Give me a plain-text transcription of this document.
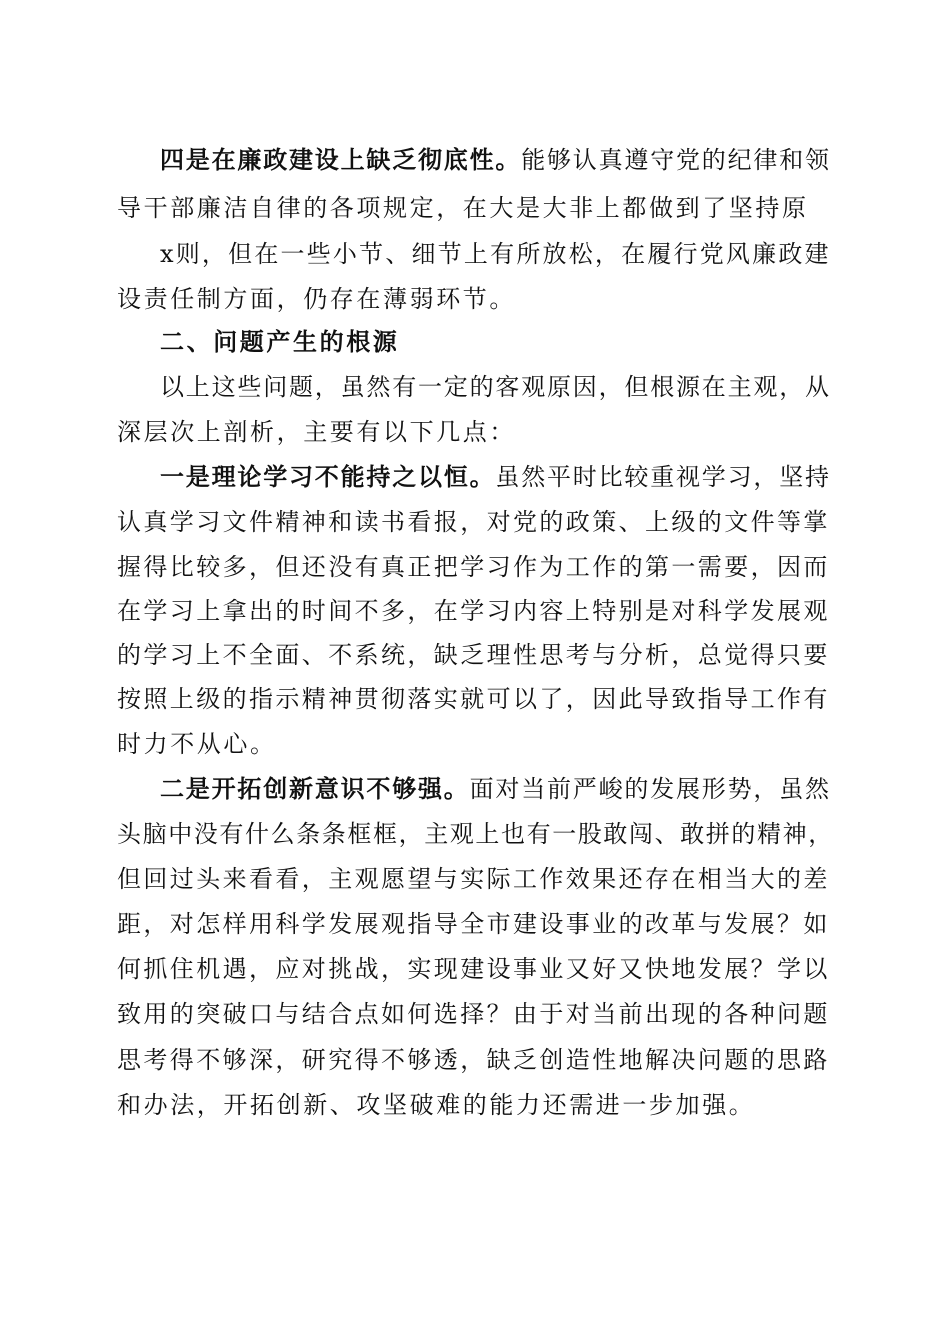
四是在廉政建设上缺乏彻底性。能够认真遵守党的纪律和领
导干部廉洁自律的各项规定，在大是大非上都做到了坚持原
x则，但在一些小节、细节上有所放松，在履行党风廉政建
设责任制方面，仍存在薄弱环节。
二、问题产生的根源
以上这些问题，虽然有一定的客观原因，但根源在主观，从
深层次上剖析，主要有以下几点：
一是理论学习不能持之以恒。虽然平时比较重视学习，坚持
认真学习文件精神和读书看报，对党的政策、上级的文件等掌
握得比较多，但还没有真正把学习作为工作的第一需要，因而
在学习上拿出的时间不多，在学习内容上特别是对科学发展观
的学习上不全面、不系统，缺乏理性思考与分析，总觉得只要
按照上级的指示精神贯彻落实就可以了，因此导致指导工作有
时力不从心。
二是开拓创新意识不够强。面对当前严峻的发展形势，虽然
头脑中没有什么条条框框，主观上也有一股敢闯、敢拼的精神，
但回过头来看看，主观愿望与实际工作效果还存在相当大的差
距，对怎样用科学发展观指导全市建设事业的改革与发展？如
何抓住机遇，应对挑战，实现建设事业又好又快地发展？学以
致用的突破口与结合点如何选择？由于对当前出现的各种问题
思考得不够深，研究得不够透，缺乏创造性地解决问题的思路
和办法，开拓创新、攻坚破难的能力还需进一步加强。
